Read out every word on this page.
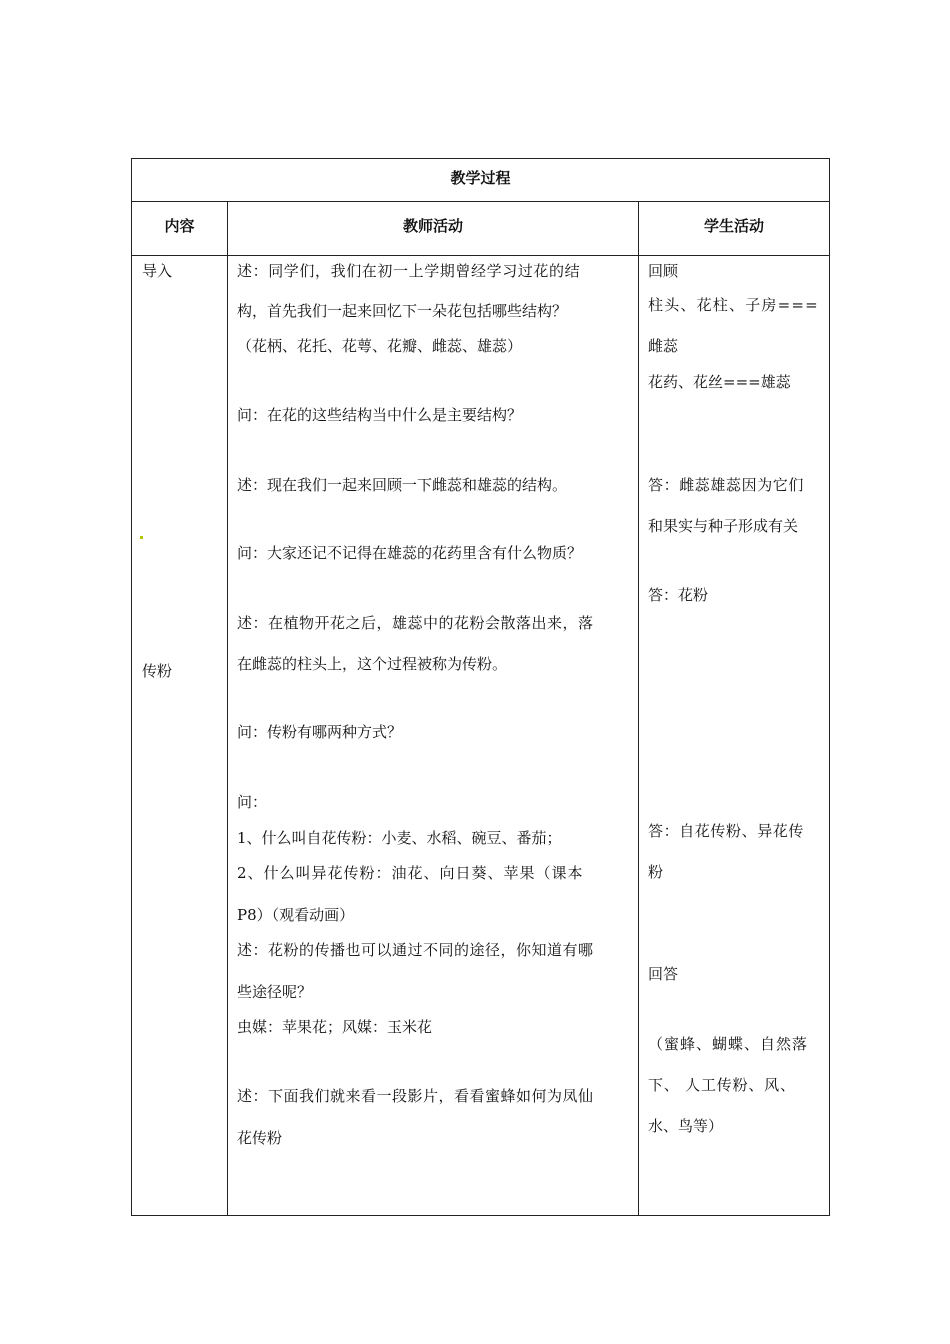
教学过程
内容	教师活动	学生活动
导入
传粉
述：同学们，我们在初一上学期曾经学习过花的结
构，首先我们一起来回忆下一朵花包括哪些结构？
（花柄、花托、花萼、花瓣、雌蕊、雄蕊）
问：在花的这些结构当中什么是主要结构？
述：现在我们一起来回顾一下雌蕊和雄蕊的结构。
问：大家还记不记得在雄蕊的花药里含有什么物质？
述：在植物开花之后，雄蕊中的花粉会散落出来，落
在雌蕊的柱头上，这个过程被称为传粉。
问：传粉有哪两种方式？
问：
1、什么叫自花传粉：小麦、水稻、碗豆、番茄；
2、什么叫异花传粉：油花、向日葵、苹果（课本
P8）（观看动画）
述：花粉的传播也可以通过不同的途径，你知道有哪
些途径呢？
虫媒：苹果花；风媒：玉米花
述：下面我们就来看一段影片，看看蜜蜂如何为凤仙
花传粉
回顾
柱头、花柱、子房===
雌蕊
花药、花丝===雄蕊
答：雌蕊雄蕊因为它们
和果实与种子形成有关
答：花粉
答：自花传粉、异花传
粉
回答
（蜜蜂、蝴蝶、自然落
下、 人工传粉、风、
水、鸟等）
